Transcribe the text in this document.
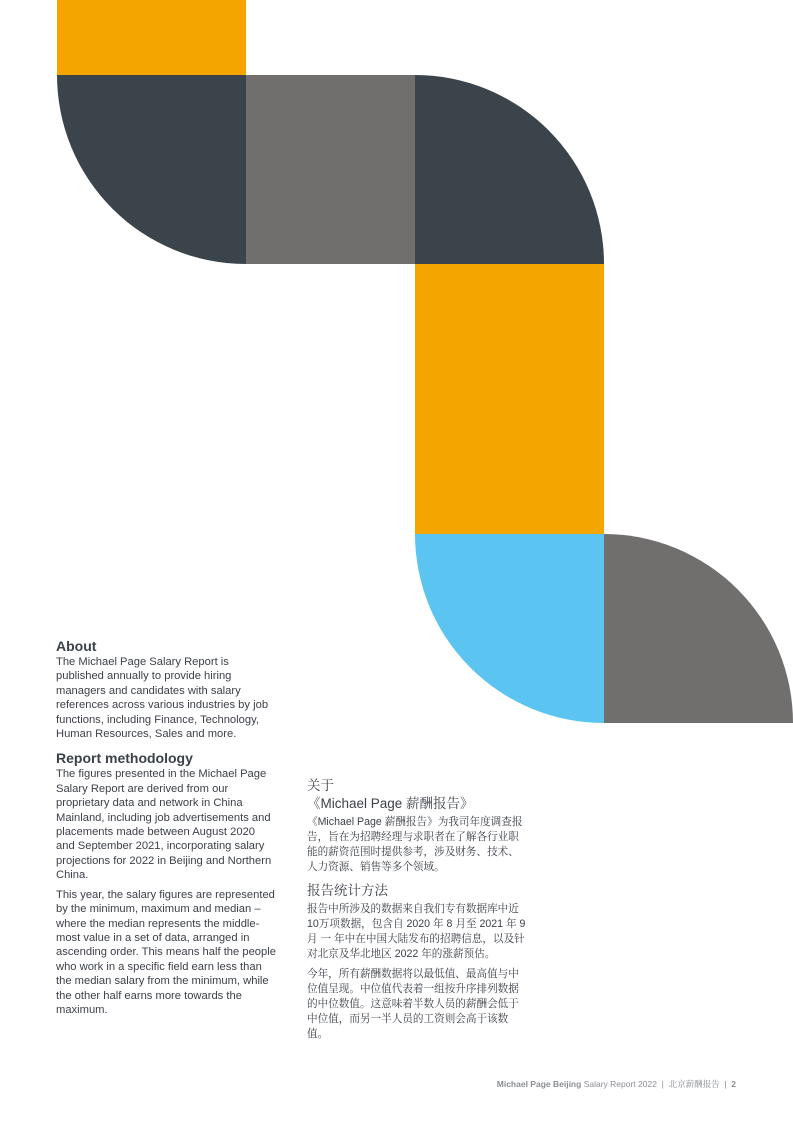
About

The Michael Page Salary Report is published annually to provide hiring managers and candidates with salary references across various industries by job functions, including Finance, Technology, Human Resources, Sales and more.

Report methodology

The figures presented in the Michael Page Salary Report are derived from our proprietary data and network in China Mainland, including job advertisements and placements made between August 2020 and September 2021, incorporating salary projections for 2022 in Beijing and Northern China.

This year, the salary figures are represented by the minimum, maximum and median – where the median represents the middle-most value in a set of data, arranged in ascending order. This means half the people who work in a specific field earn less than the median salary from the minimum, while the other half earns more towards the maximum.

关于
《Michael Page 薪酬报告》

《Michael Page 薪酬报告》为我司年度调查报告，旨在为招聘经理与求职者在了解各行业职能的薪资范围时提供参考，涉及财务、技术、人力资源、销售等多个领域。

报告统计方法

报告中所涉及的数据来自我们专有数据库中近10万项数据，包含自 2020 年 8 月至 2021 年 9 月 一 年中在中国大陆发布的招聘信息，以及针对北京及华北地区 2022 年的涨薪预估。

今年，所有薪酬数据将以最低值、最高值与中位值呈现。中位值代表着一组按升序排列数据的中位数值。这意味着半数人员的薪酬会低于中位值，而另一半人员的工资则会高于该数值。

Michael Page Beijing Salary Report 2022  |  北京薪酬报告  |  2
